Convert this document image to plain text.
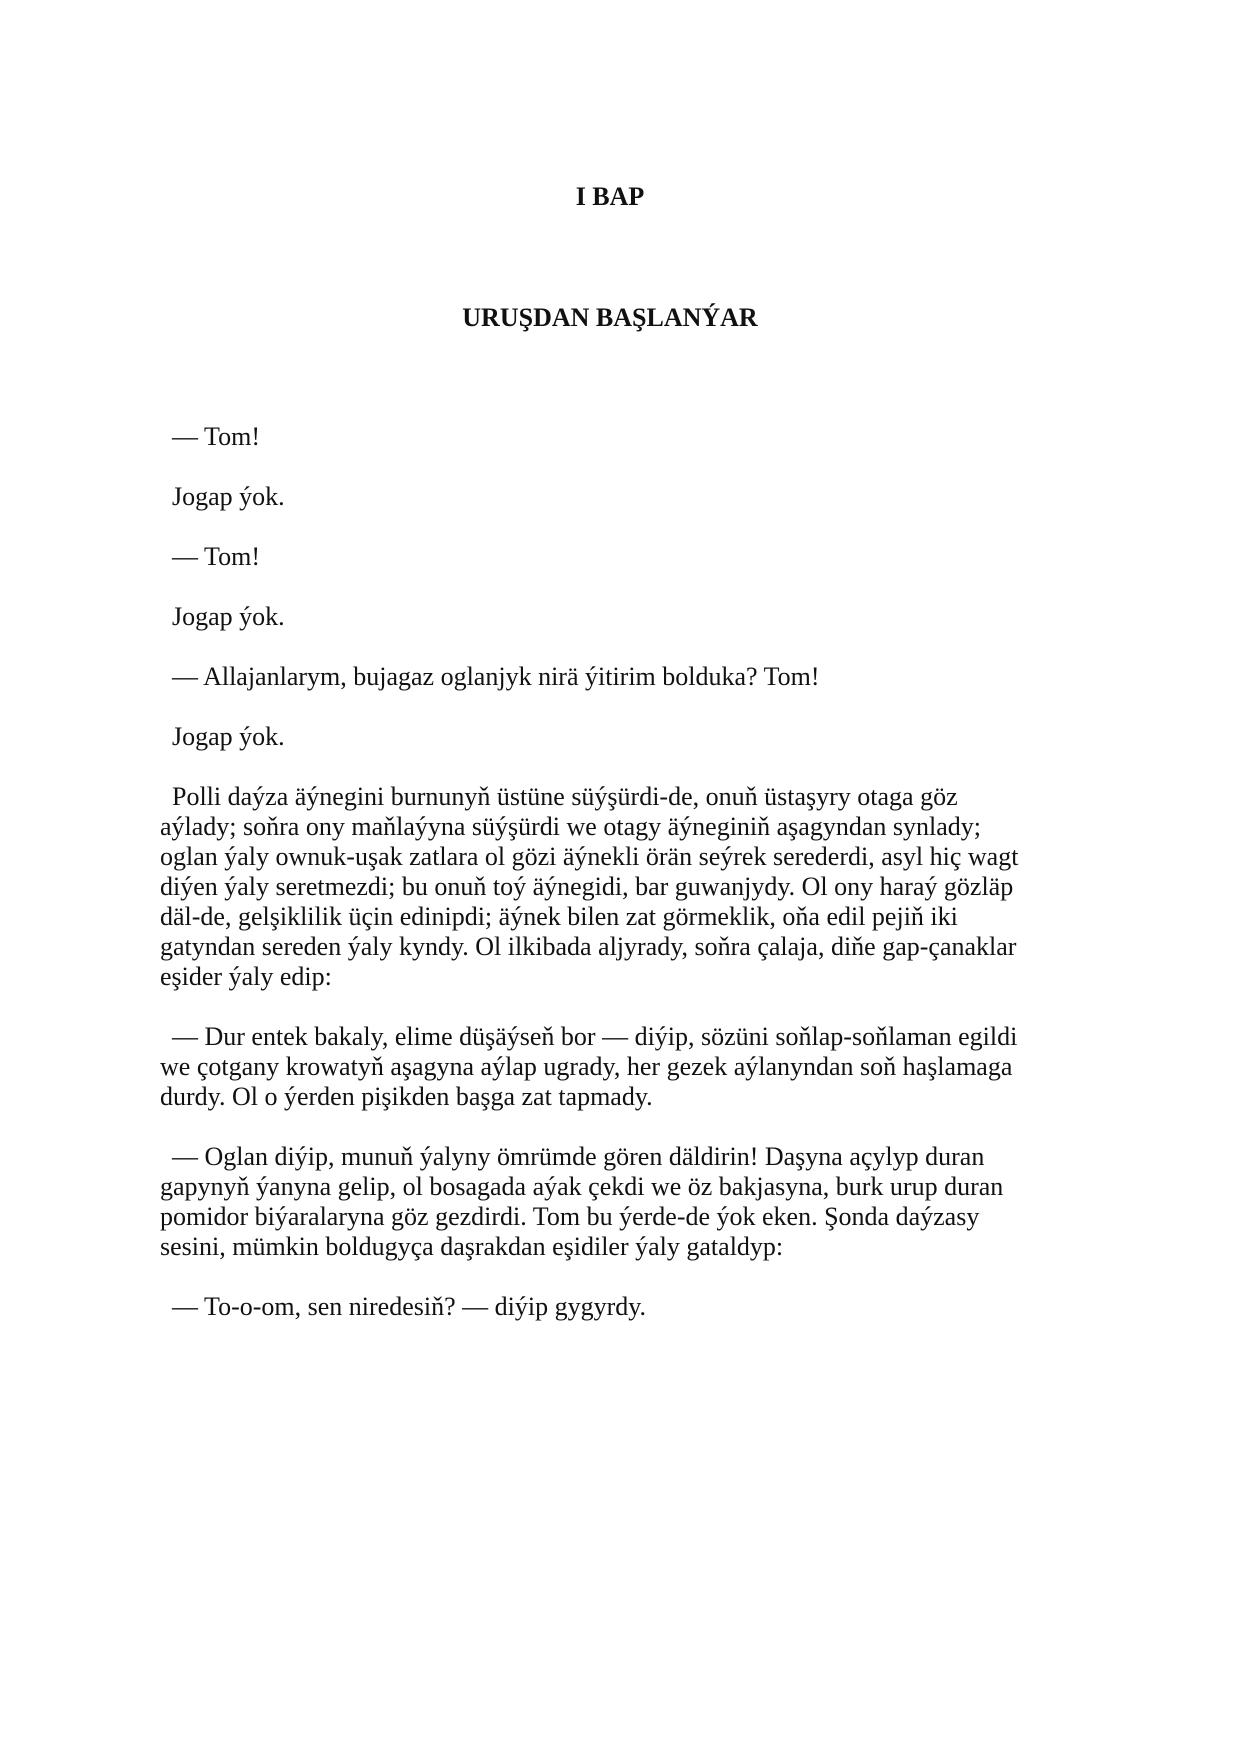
I BAP
URUŞDAN BAŞLANÝAR
— Tom!
Jogap ýok.
— Tom!
Jogap ýok.
— Allajanlarym, bujagaz oglanjyk nirä ýitirim bolduka? Tom!
Jogap ýok.
Polli daýza äýnegini burnunyň üstüne süýşürdi-de, onuň üstaşyry otaga göz
aýlady; soňra ony maňlaýyna süýşürdi we otagy äýneginiň aşagyndan synlady;
oglan ýaly ownuk-uşak zatlara ol gözi äýnekli örän seýrek serederdi, asyl hiç wagt
diýen ýaly seretmezdi; bu onuň toý äýnegidi, bar guwanjydy. Ol ony haraý gözläp
däl-de, gelşiklilik üçin edinipdi; äýnek bilen zat görmeklik, oňa edil pejiň iki
gatyndan sereden ýaly kyndy. Ol ilkibada aljyrady, soňra çalaja, diňe gap-çanaklar
eşider ýaly edip:
— Dur entek bakaly, elime düşäýseň bor — diýip, sözüni soňlap-soňlaman egildi
we çotgany krowatyň aşagyna aýlap ugrady, her gezek aýlanyndan soň haşlamaga
durdy. Ol o ýerden pişikden başga zat tapmady.
— Oglan diýip, munuň ýalyny ömrümde gören däldirin! Daşyna açylyp duran
gapynyň ýanyna gelip, ol bosagada aýak çekdi we öz bakjasyna, burk urup duran
pomidor biýaralaryna göz gezdirdi. Tom bu ýerde-de ýok eken. Şonda daýzasy
sesini, mümkin boldugyça daşrakdan eşidiler ýaly gataldyp:
— To-o-om, sen niredesiň? — diýip gygyrdy.
